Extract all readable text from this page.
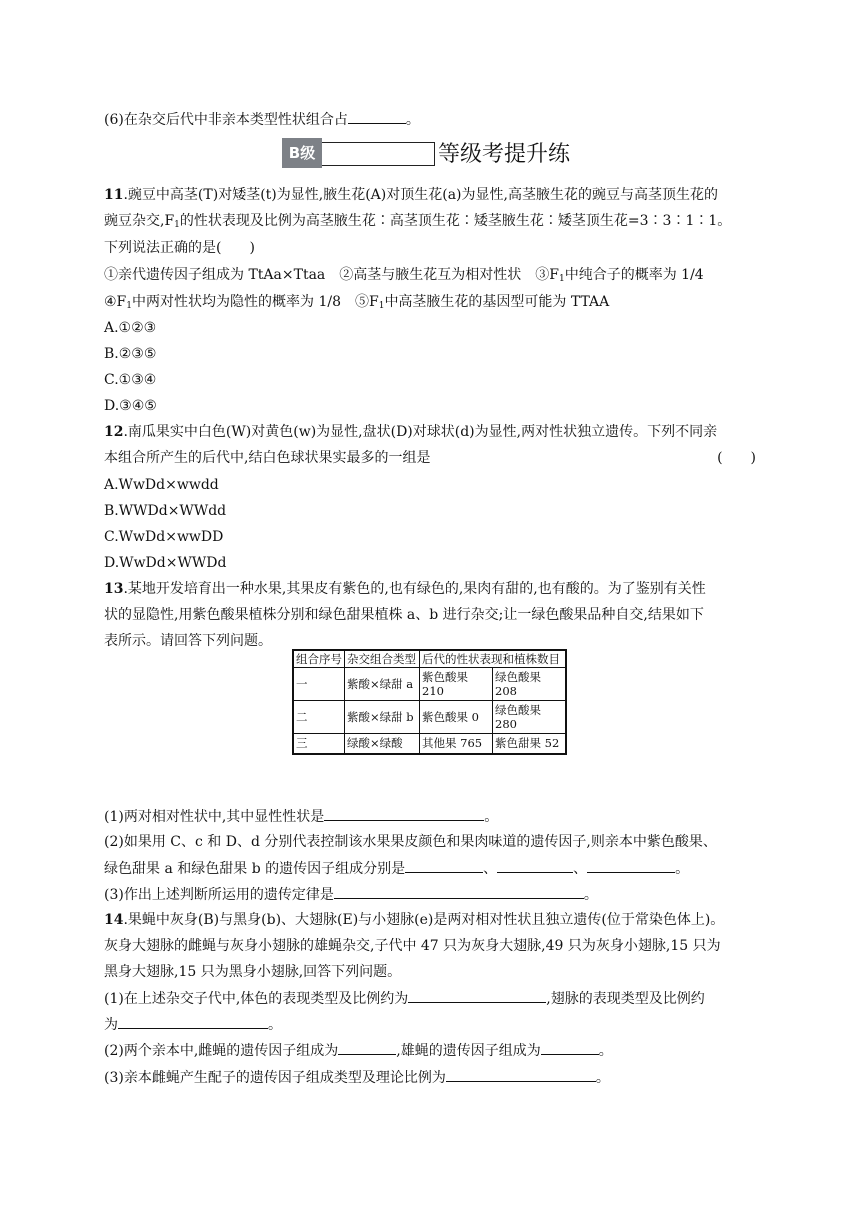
(6)在杂交后代中非亲本类型性状组合占	。
B级	等级考提升练
11.豌豆中高茎(T)对矮茎(t)为显性,腋生花(A)对顶生花(a)为显性,高茎腋生花的豌豆与高茎顶生花的
豌豆杂交$,F_1$的性状表现及比例为高茎腋生花∶高茎顶生花∶矮茎腋生花∶矮茎顶生花=3∶3∶1∶1。
下列说法正确的是(　　)
①亲代遗传因子组成为 TtAa×Ttaa　②高茎与腋生花互为相对性状　$③F_1$中纯合子的概率为 1/4
$④F_1$中两对性状均为隐性的概率为 1/8　$⑤F_1$中高茎腋生花的基因型可能为 TTAA
A.①②③
B.②③⑤
C.①③④
D.③④⑤
12.南瓜果实中白色(W)对黄色(w)为显性,盘状(D)对球状(d)为显性,两对性状独立遗传。下列不同亲
本组合所产生的后代中,结白色球状果实最多的一组是	(　　)
A.WwDd×wwdd
B.WWDd×WWdd
C.WwDd×wwDD
D.WwDd×WWDd
13.某地开发培育出一种水果,其果皮有紫色的,也有绿色的,果肉有甜的,也有酸的。为了鉴别有关性
状的显隐性,用紫色酸果植株分别和绿色甜果植株 a、b 进行杂交;让一绿色酸果品种自交,结果如下
表所示。请回答下列问题。
组合序号	杂交组合类型	后代的性状表现和植株数目	
一	紫酸×绿甜 a	紫色酸果 210	绿色酸果 208
二	紫酸×绿甜 b	紫色酸果 0	绿色酸果 280
三	绿酸×绿酸	其他果 765	紫色甜果 52
(1)两对相对性状中,其中显性性状是	。
(2)如果用 C、c 和 D、d 分别代表控制该水果果皮颜色和果肉味道的遗传因子,则亲本中紫色酸果、
绿色甜果 a 和绿色甜果 b 的遗传因子组成分别是	、	、	。
(3)作出上述判断所运用的遗传定律是	。
14.果蝇中灰身(B)与黑身(b)、大翅脉(E)与小翅脉(e)是两对相对性状且独立遗传(位于常染色体上)。
灰身大翅脉的雌蝇与灰身小翅脉的雄蝇杂交,子代中 47 只为灰身大翅脉,49 只为灰身小翅脉,15 只为
黑身大翅脉,15 只为黑身小翅脉,回答下列问题。
(1)在上述杂交子代中,体色的表现类型及比例约为	,翅脉的表现类型及比例约
为	。
(2)两个亲本中,雌蝇的遗传因子组成为	,雄蝇的遗传因子组成为	。
(3)亲本雌蝇产生配子的遗传因子组成类型及理论比例为	。
